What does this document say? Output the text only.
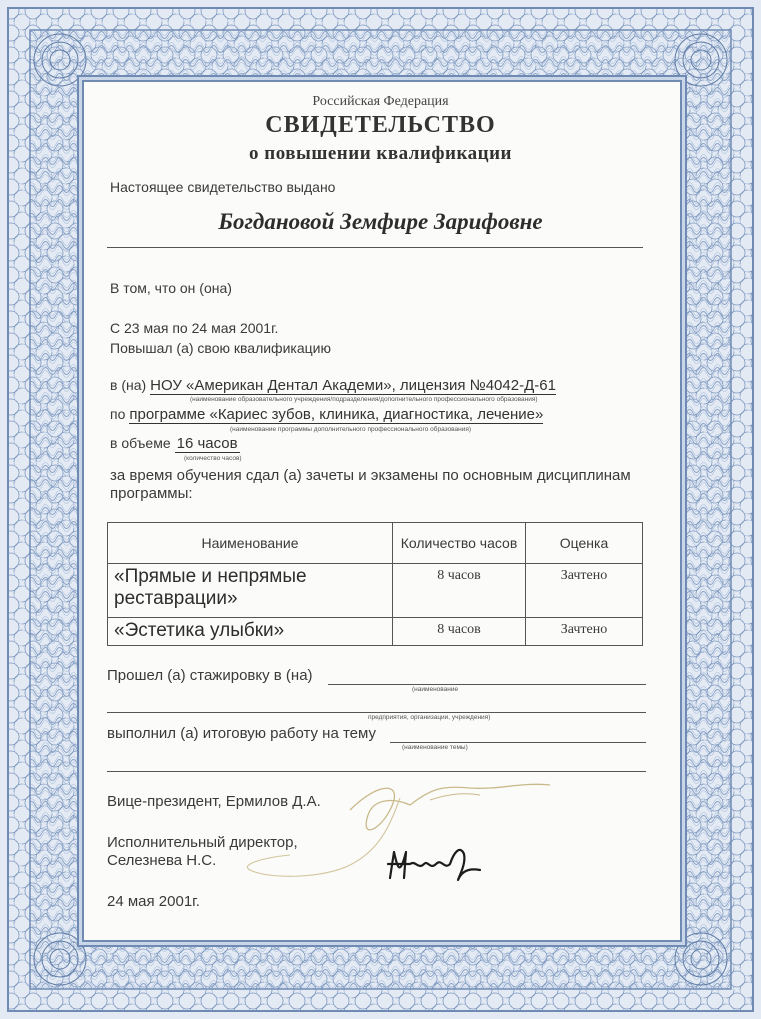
Российская Федерация
СВИДЕТЕЛЬСТВО
о повышении квалификации
Настоящее свидетельство выдано
Богдановой Земфире Зарифовне
В том, что он (она)
С 23 мая по 24 мая 2001г.
Повышал (а) свою квалификацию
в (на) НОУ «Американ Дентал Академи», лицензия №4042-Д-61
(наименование образовательного учреждения/подразделения/дополнительного профессионального образования)
по программе «Кариес зубов, клиника, диагностика, лечение»
(наименование программы дополнительного профессионального образования)
в объеме 16 часов
(количество часов)
за время обучения сдал (а) зачеты и экзамены по основным дисциплинам
программы:
Наименование	Количество часов	Оценка
«Прямые и непрямые реставрации»	8 часов	Зачтено
«Эстетика улыбки»	8 часов	Зачтено
Прошел (а) стажировку в (на)
(наименование
предприятия, организации, учреждения)
выполнил (а) итоговую работу на тему
(наименование темы)
Вице-президент, Ермилов Д.А.
Исполнительный директор,
Селезнева Н.С.
24 мая 2001г.
